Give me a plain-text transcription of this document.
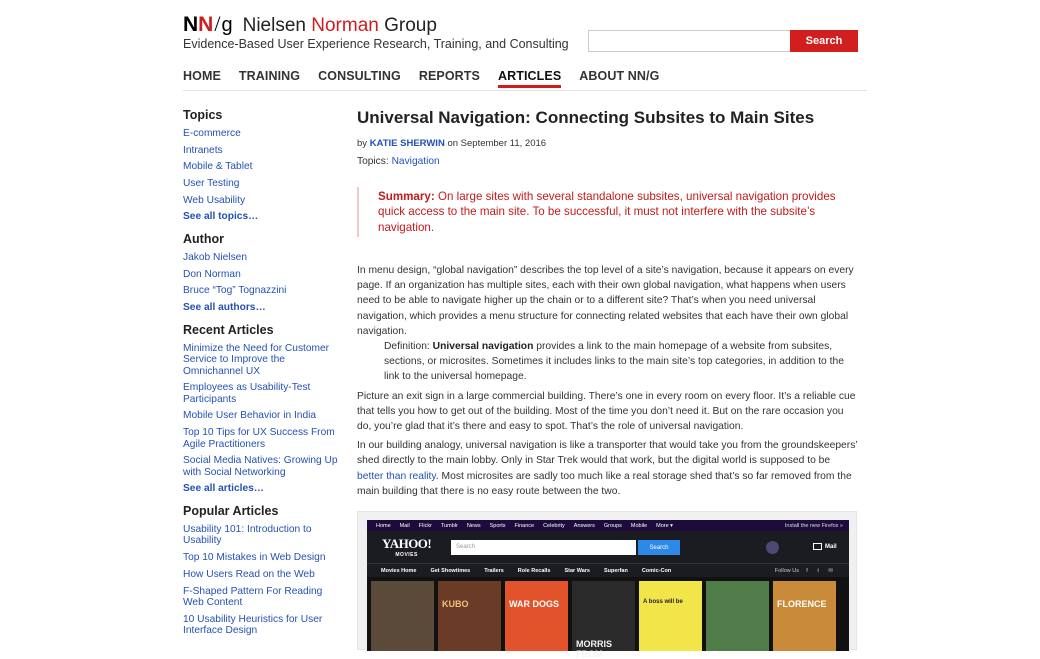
N N / g Nielsen Norman Group
Evidence-Based User Experience Research, Training, and Consulting	Search
HOME TRAINING CONSULTING REPORTS ARTICLES ABOUT NN/G
Topics
E-commerce
Intranets
Mobile & Tablet
User Testing
Web Usability
See all topics…
Author
Jakob Nielsen
Don Norman
Bruce “Tog” Tognazzini
See all authors…
Recent Articles
Minimize the Need for Customer Service to Improve the Omnichannel UX
Employees as Usability-Test Participants
Mobile User Behavior in India
Top 10 Tips for UX Success From Agile Practitioners
Social Media Natives: Growing Up with Social Networking
See all articles…
Popular Articles
Usability 101: Introduction to Usability
Top 10 Mistakes in Web Design
How Users Read on the Web
F-Shaped Pattern For Reading Web Content
10 Usability Heuristics for User Interface Design
Universal Navigation: Connecting Subsites to Main Sites
by KATIE SHERWIN on September 11, 2016
Topics: Navigation
Summary: On large sites with several standalone subsites, universal navigation provides quick access to the main site. To be successful, it must not interfere with the subsite’s navigation.
In menu design, “global navigation” describes the top level of a site’s navigation, because it appears on every page. If an organization has multiple sites, each with their own global navigation, what happens when users need to be able to navigate higher up the chain or to a different site? That’s when you need universal navigation, which provides a menu structure for connecting related websites that each have their own global navigation.
Definition: Universal navigation provides a link to the main homepage of a website from subsites, sections, or microsites. Sometimes it includes links to the main site’s top categories, in addition to the link to the universal homepage.
Picture an exit sign in a large commercial building. There’s one in every room on every floor. It’s a reliable cue that tells you how to get out of the building. Most of the time you don’t need it. But on the rare occasion you do, you’re glad that it’s there and easy to spot. That’s the role of universal navigation.
In our building analogy, universal navigation is like a transporter that would take you from the groundskeepers’ shed directly to the main lobby. Only in Star Trek would that work, but the digital world is supposed to be better than reality. Most microsites are sadly too much like a real storage shed that’s so far removed from the main building that there is no easy route between the two.
Home Mail Flickr Tumblr News Sports Finance Celebrity Answers Groups Mobile More ▾	Install the new Firefox »
YAHOO!
MOVIES
Search	Search	Mail
Movies Home	Get Showtimes	Trailers	Role Recalls	Star Wars	Superfan	Comic-Con	Follow Us f t ✉
KUBO	WAR DOGS
MORRIS FROM
A boss will be	FLORENCE
